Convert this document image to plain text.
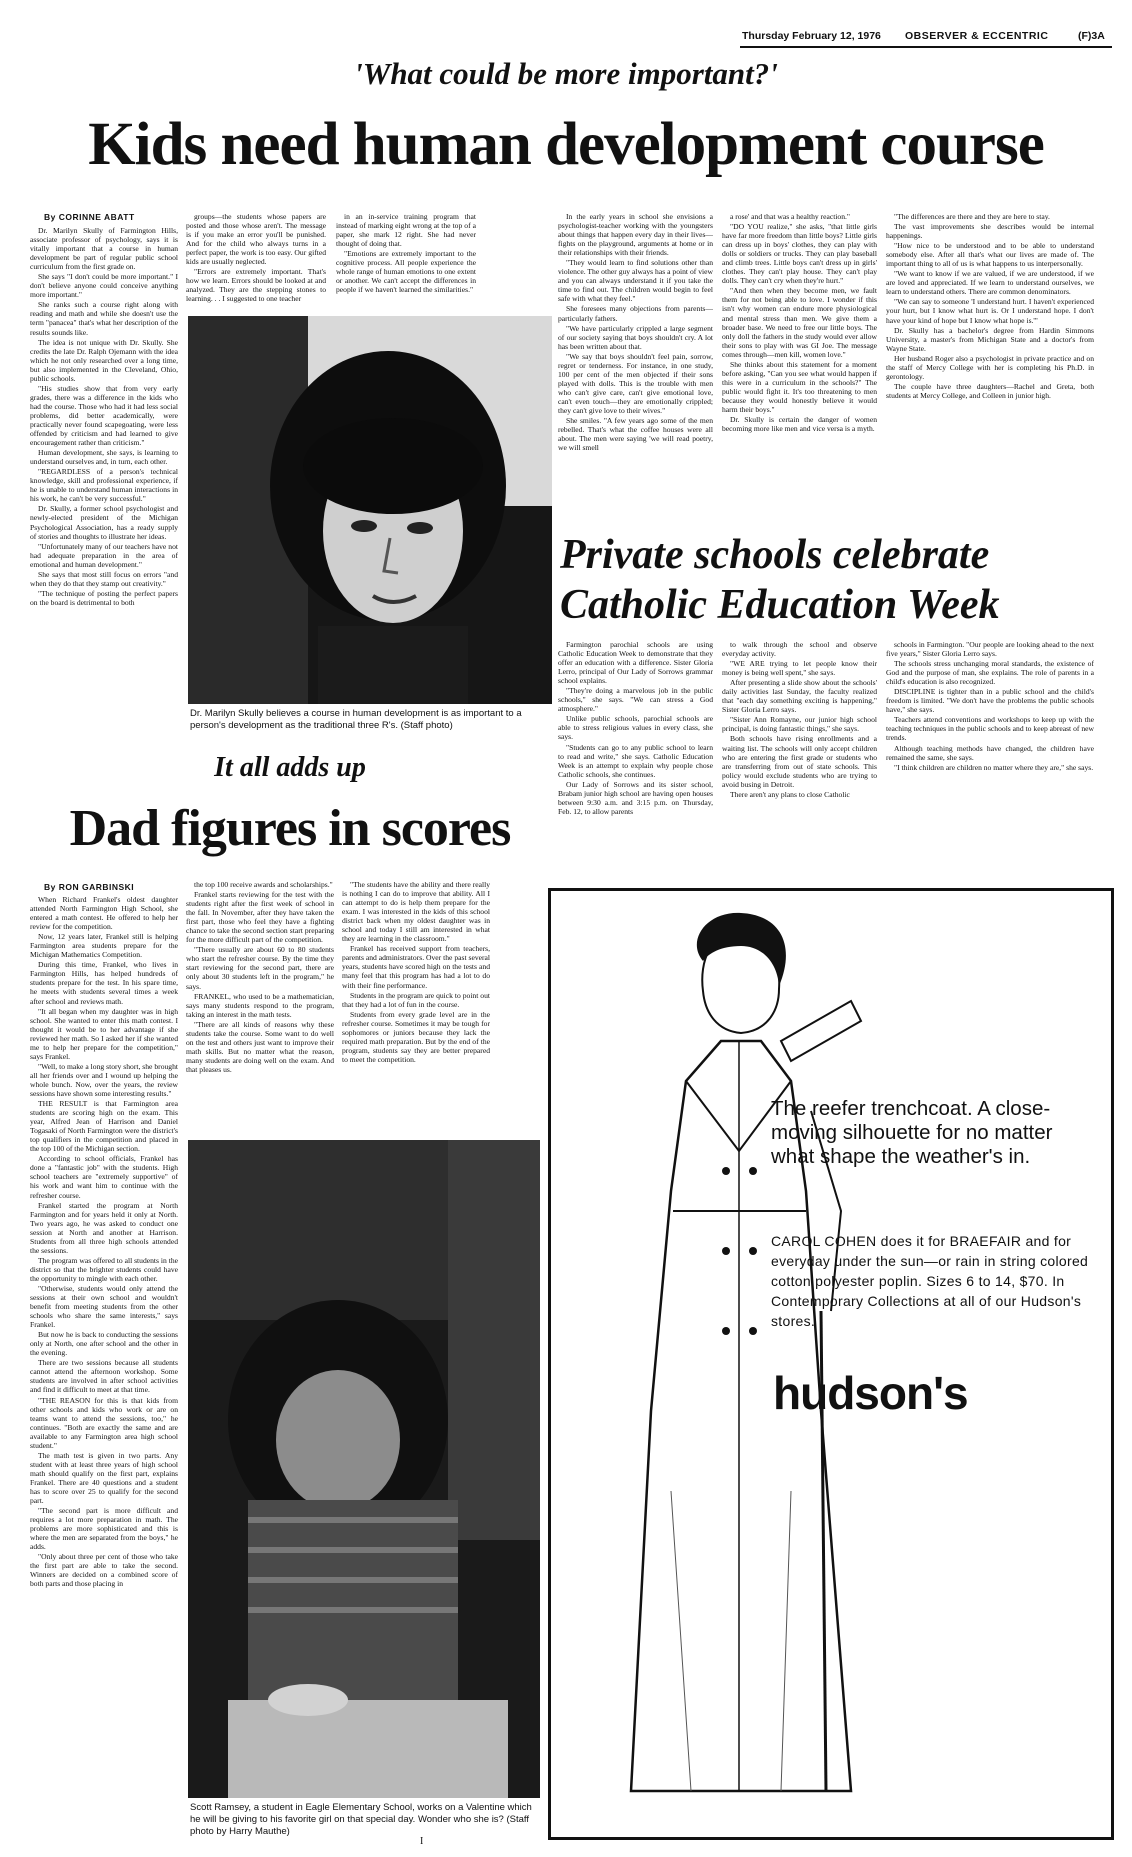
Thursday February 12, 1976 OBSERVER & ECCENTRIC	(F)3A
'What could be more important?'
Kids need human development course
By CORINNE ABATT

Dr. Marilyn Skully of Farmington Hills, associate professor of psychology, says it is vitally important that a course in human development be part of regular public school curriculum from the first grade on.

She says "I don't could be more important." I don't believe anyone could conceive anything more important."

She ranks such a course right along with reading and math and while she doesn't use the term "panacea" that's what her description of the results sounds like.

The idea is not unique with Dr. Skully. She credits the late Dr. Ralph Ojemann with the idea which he not only researched over a long time, but also implemented in the Cleveland, Ohio, public schools.

"His studies show that from very early grades, there was a difference in the kids who had the course. Those who had it had less social problems, did better academically, were practically never found scapegoating, were less offended by criticism and had learned to give encouragement rather than criticism."

Human development, she says, is learning to understand ourselves and, in turn, each other.

"REGARDLESS of a person's technical knowledge, skill and professional experience, if he is unable to understand human interactions in his work, he can't be very successful."

Dr. Skully, a former school psychologist and newly-elected president of the Michigan Psychological Association, has a ready supply of stories and thoughts to illustrate her ideas.

"Unfortunately many of our teachers have not had adequate preparation in the area of emotional and human development."

She says that most still focus on errors "and when they do that they stamp out creativity."

"The technique of posting the perfect papers on the board is detrimental to both

groups—the students whose papers are posted and those whose aren't. The message is if you make an error you'll be punished. And for the child who always turns in a perfect paper, the work is too easy. Our gifted kids are usually neglected.

"Errors are extremely important. That's how we learn. Errors should be looked at and analyzed. They are the stepping stones to learning. . . I suggested to one teacher

in an in-service training program that instead of marking eight wrong at the top of a paper, she mark 12 right. She had never thought of doing that.

"Emotions are extremely important to the cognitive process. All people experience the whole range of human emotions to one extent or another. We can't accept the differences in people if we haven't learned the similarities."

Dr. Marilyn Skully believes a course in human development is as important to a person's development as the traditional three R's. (Staff photo)

In the early years in school she envisions a psychologist-teacher working with the youngsters about things that happen every day in their lives—fights on the playground, arguments at home or in their relationships with their friends.

"They would learn to find solutions other than violence. The other guy always has a point of view and you can always understand it if you take the time to find out. The children would begin to feel safe with what they feel."

She foresees many objections from parents—particularly fathers.

"We have particularly crippled a large segment of our society saying that boys shouldn't cry. A lot has been written about that.

"We say that boys shouldn't feel pain, sorrow, regret or tenderness. For instance, in one study, 100 per cent of the men objected if their sons played with dolls. This is the trouble with men who can't give care, can't give emotional love, can't even touch—they are emotionally crippled; they can't give love to their wives."

She smiles. "A few years ago some of the men rebelled. That's what the coffee houses were all about. The men were saying 'we will read poetry, we will smell

a rose' and that was a healthy reaction."

"DO YOU realize," she asks, "that little girls have far more freedom than little boys? Little girls can dress up in boys' clothes, they can play with dolls or soldiers or trucks. They can play baseball and climb trees. Little boys can't dress up in girls' clothes. They can't play house. They can't play dolls. They can't cry when they're hurt."

"And then when they become men, we fault them for not being able to love. I wonder if this isn't why women can endure more physiological and mental stress than men. We give them a broader base. We need to free our little boys. The only doll the fathers in the study would ever allow their sons to play with was GI Joe. The message comes through—men kill, women love."

She thinks about this statement for a moment before asking, "Can you see what would happen if this were in a curriculum in the schools?" The public would fight it. It's too threatening to men because they would honestly believe it would harm their boys."

Dr. Skully is certain the danger of women becoming more like men and vice versa is a myth.

"The differences are there and they are here to stay.

The vast improvements she describes would be internal happenings.

"How nice to be understood and to be able to understand somebody else. After all that's what our lives are made of. The important thing to all of us is what happens to us interpersonally.

"We want to know if we are valued, if we are understood, if we are loved and appreciated. If we learn to understand ourselves, we learn to understand others. There are common denominators.

"We can say to someone 'I understand hurt. I haven't experienced your hurt, but I know what hurt is. Or I understand hope. I don't have your kind of hope but I know what hope is.'"

Dr. Skully has a bachelor's degree from Hardin Simmons University, a master's from Michigan State and a doctor's from Wayne State.

Her husband Roger also a psychologist in private practice and on the staff of Mercy College with her is completing his Ph.D. in gerontology.

The couple have three daughters—Rachel and Greta, both students at Mercy College, and Colleen in junior high.

Private schools celebrate
Catholic Education Week

Farmington parochial schools are using Catholic Education Week to demonstrate that they offer an education with a difference. Sister Gloria Lerro, principal of Our Lady of Sorrows grammar school explains.

"They're doing a marvelous job in the public schools," she says. "We can stress a God atmosphere."

Unlike public schools, parochial schools are able to stress religious values in every class, she says.

"Students can go to any public school to learn to read and write," she says. Catholic Education Week is an attempt to explain why people chose Catholic schools, she continues.

Our Lady of Sorrows and its sister school, Brabam junior high school are having open houses between 9:30 a.m. and 3:15 p.m. on Thursday, Feb. 12, to allow parents

to walk through the school and observe everyday activity.

"WE ARE trying to let people know their money is being well spent," she says.

After presenting a slide show about the schools' daily activities last Sunday, the faculty realized that "each day something exciting is happening," Sister Gloria Lerro says.

"Sister Ann Romayne, our junior high school principal, is doing fantastic things," she says.

Both schools have rising enrollments and a waiting list. The schools will only accept children who are entering the first grade or students who are transferring from out of state schools. This policy would exclude students who are trying to avoid busing in Detroit.

There aren't any plans to close Catholic

schools in Farmington. "Our people are looking ahead to the next five years," Sister Gloria Lerro says.

The schools stress unchanging moral standards, the existence of God and the purpose of man, she explains. The role of parents in a child's education is also recognized.

DISCIPLINE is tighter than in a public school and the child's freedom is limited. "We don't have the problems the public schools have," she says.

Teachers attend conventions and workshops to keep up with the teaching techniques in the public schools and to keep abreast of new trends.

Although teaching methods have changed, the children have remained the same, she says.

"I think children are children no matter where they are," she says.

It all adds up
Dad figures in scores
By RON GARBINSKI

When Richard Frankel's oldest daughter attended North Farmington High School, she entered a math contest. He offered to help her review for the competition.

Now, 12 years later, Frankel still is helping Farmington area students prepare for the Michigan Mathematics Competition.

During this time, Frankel, who lives in Farmington Hills, has helped hundreds of students prepare for the test. In his spare time, he meets with students several times a week after school and reviews math.

"It all began when my daughter was in high school. She wanted to enter this math contest. I thought it would be to her advantage if she reviewed her math. So I asked her if she wanted me to help her prepare for the competition," says Frankel.

"Well, to make a long story short, she brought all her friends over and I wound up helping the whole bunch. Now, over the years, the review sessions have shown some interesting results."

THE RESULT is that Farmington area students are scoring high on the exam. This year, Alfred Jean of Harrison and Daniel Togasaki of North Farmington were the district's top qualifiers in the competition and placed in the top 100 of the Michigan section.

According to school officials, Frankel has done a "fantastic job" with the students. High school teachers are "extremely supportive" of his work and want him to continue with the refresher course.

Frankel started the program at North Farmington and for years held it only at North. Two years ago, he was asked to conduct one session at North and another at Harrison. Students from all three high schools attended the sessions.

The program was offered to all students in the district so that the brighter students could have the opportunity to mingle with each other.

"Otherwise, students would only attend the sessions at their own school and wouldn't benefit from meeting students from the other schools who share the same interests," says Frankel.

But now he is back to conducting the sessions only at North, one after school and the other in the evening.

There are two sessions because all students cannot attend the afternoon workshop. Some students are involved in after school activities and find it difficult to meet at that time.

"THE REASON for this is that kids from other schools and kids who work or are on teams want to attend the sessions, too," he continues. "Both are exactly the same and are available to any Farmington area high school student."

The math test is given in two parts. Any student with at least three years of high school math should qualify on the first part, explains Frankel. There are 40 questions and a student has to score over 25 to qualify for the second part.

"The second part is more difficult and requires a lot more preparation in math. The problems are more sophisticated and this is where the men are separated from the boys," he adds.

"Only about three per cent of those who take the first part are able to take the second. Winners are decided on a combined score of both parts and those placing in

the top 100 receive awards and scholarships."

Frankel starts reviewing for the test with the students right after the first week of school in the fall. In November, after they have taken the first part, those who feel they have a fighting chance to take the second section start preparing for the more difficult part of the competition.

"There usually are about 60 to 80 students who start the refresher course. By the time they start reviewing for the second part, there are only about 30 students left in the program," he says.

FRANKEL, who used to be a mathematician, says many students respond to the program, taking an interest in the math tests.

"There are all kinds of reasons why these students take the course. Some want to do well on the test and others just want to improve their math skills. But no matter what the reason, many students are doing well on the exam. And that pleases us.

"The students have the ability and there really is nothing I can do to improve that ability. All I can attempt to do is help them prepare for the exam. I was interested in the kids of this school district back when my oldest daughter was in school and today I still am interested in what they are learning in the classroom."

Frankel has received support from teachers, parents and administrators. Over the past several years, students have scored high on the tests and many feel that this program has had a lot to do with their fine performance.

Students in the program are quick to point out that they had a lot of fun in the course.

Students from every grade level are in the refresher course. Sometimes it may be tough for sophomores or juniors because they lack the required math preparation. But by the end of the program, students say they are better prepared to meet the competition.

Scott Ramsey, a student in Eagle Elementary School, works on a Valentine which he will be giving to his favorite girl on that special day. Wonder who she is? (Staff photo by Harry Mauthe)
The reefer trenchcoat. A close-moving silhouette for no matter what shape the weather's in.
CAROL COHEN does it for BRAEFAIR and for everyday under the sun—or rain in string colored cotton polyester poplin. Sizes 6 to 14, $70. In Contemporary Collections at all of our Hudson's stores.
hudson's
I
